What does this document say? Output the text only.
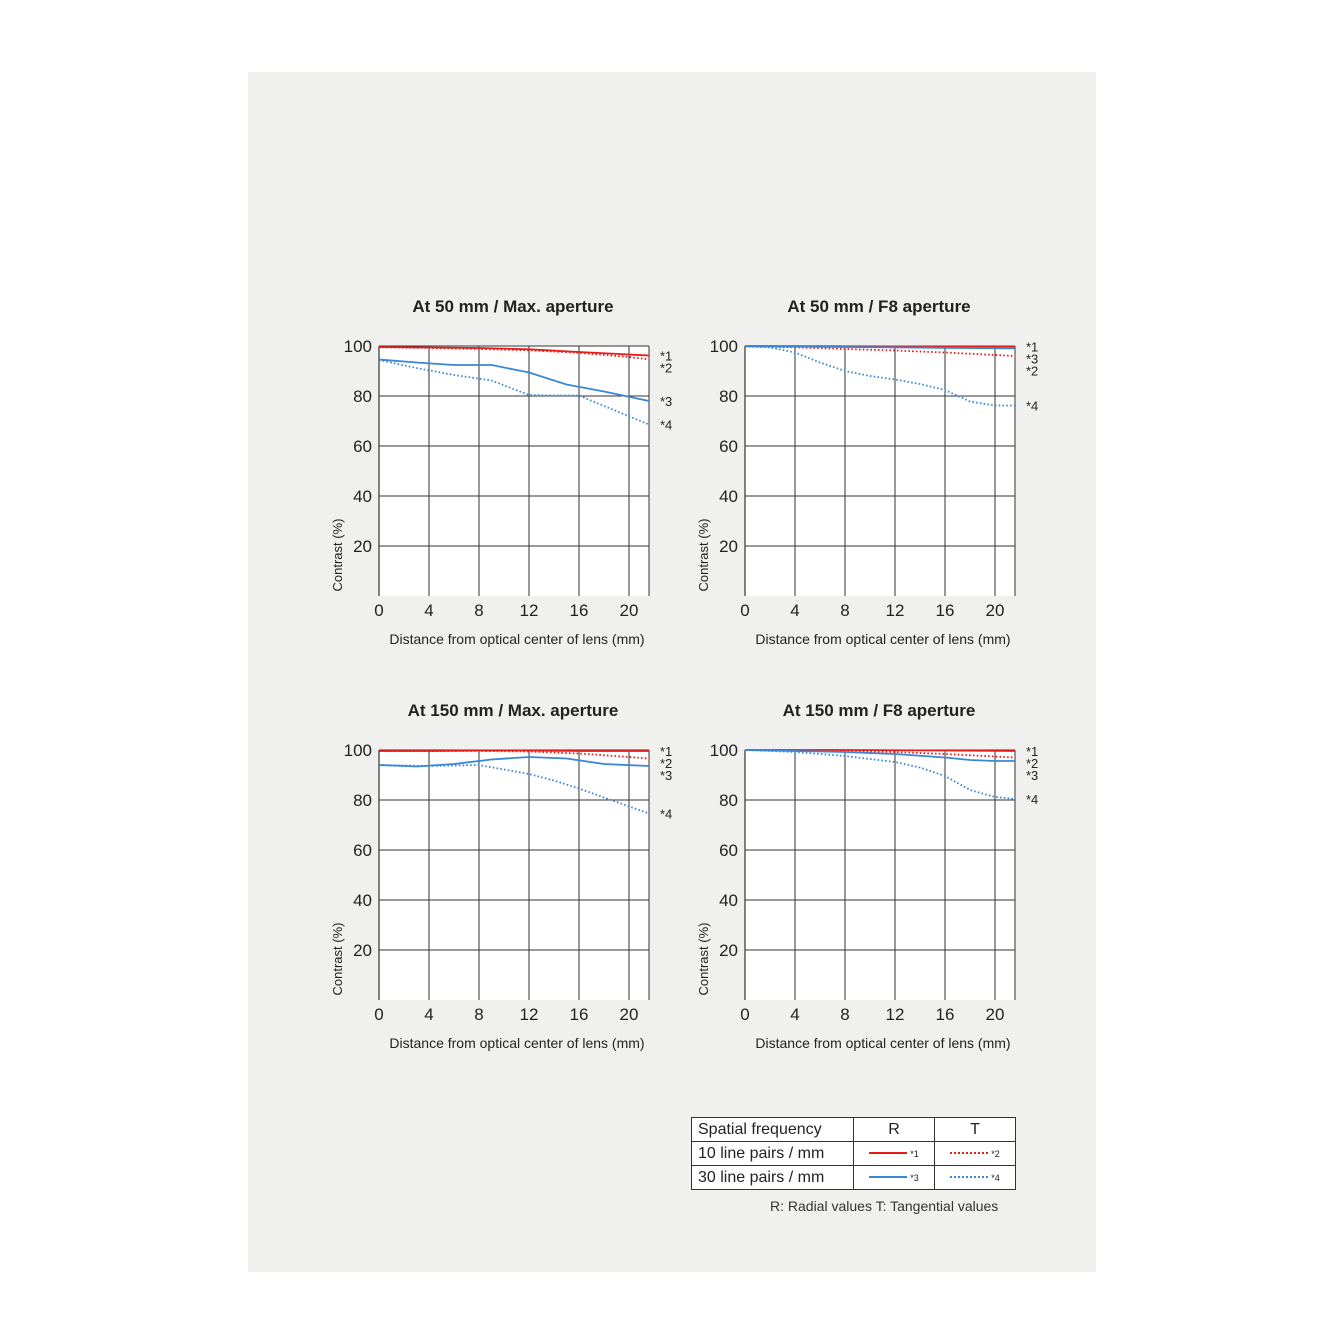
20
40
60
80
100
0 4 8 12 16 20
At 50 mm / Max. aperture
Distance from optical center of lens (mm)
Contrast (%)
*1
*2
*3
*4
20
40
60
80
100
0 4 8 12 16 20
At 50 mm / F8 aperture
Distance from optical center of lens (mm)
Contrast (%)
*1
*3
*2
*4
20
40
60
80
100
0 4 8 12 16 20
At 150 mm / Max. aperture
Distance from optical center of lens (mm)
Contrast (%)
*1
*2
*3
*4
20
40
60
80
100
0 4 8 12 16 20
At 150 mm / F8 aperture
Distance from optical center of lens (mm)
Contrast (%)
*1
*2
*3
*4
Spatial frequency	R	T
10 line pairs / mm	*1	*2
30 line pairs / mm	*3	*4
R: Radial values T: Tangential values
